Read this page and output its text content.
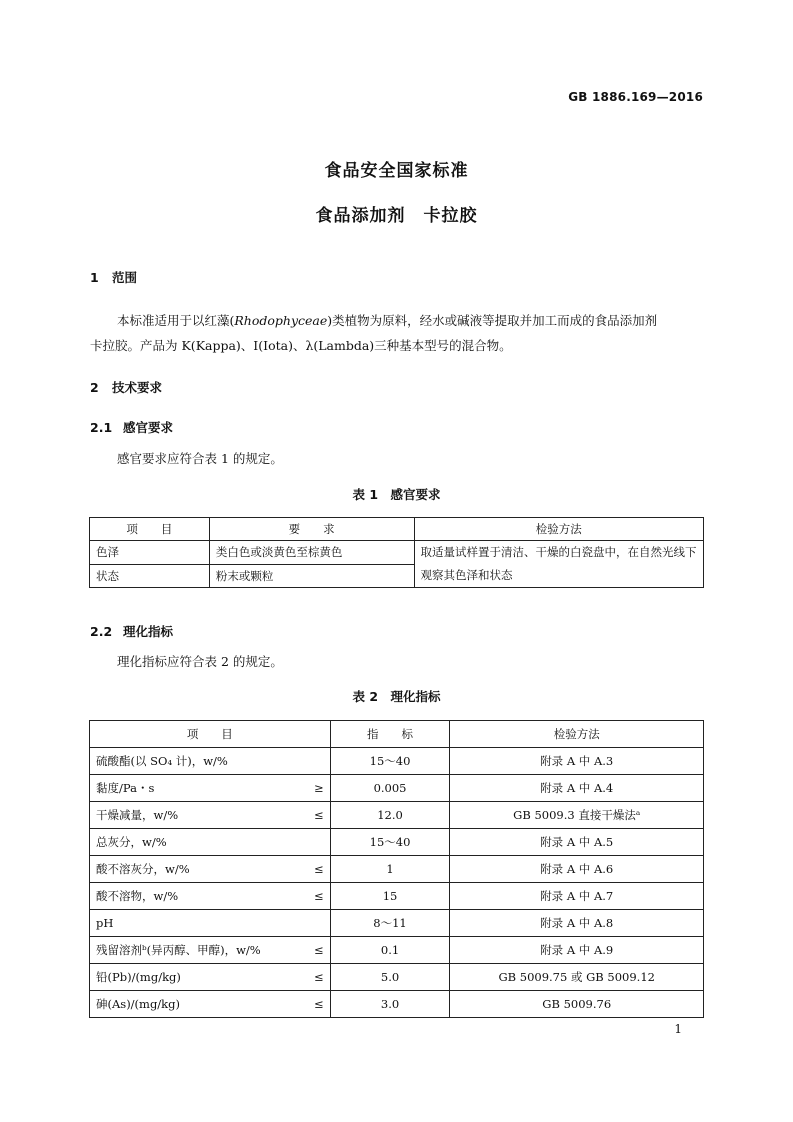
GB 1886.169—2016
食品安全国家标准
食品添加剂　卡拉胶
1 范围
本标准适用于以红藻(Rhodophyceae)类植物为原料，经水或碱液等提取并加工而成的食品添加剂
卡拉胶。产品为 K(Kappa)、I(Iota)、λ(Lambda)三种基本型号的混合物。
2 技术要求
2.1 感官要求
感官要求应符合表 1 的规定。
表 1　感官要求
项　　目	要　　求	检验方法
色泽	类白色或淡黄色至棕黄色	取适量试样置于清洁、干燥的白瓷盘中，在自然光线下观察其色泽和状态
状态	粉末或颗粒	
2.2 理化指标
理化指标应符合表 2 的规定。
表 2　理化指标
项　　目	指　　标	检验方法
硫酸酯(以 SO₄ 计)，w/%	15～40	附录 A 中 A.3
黏度/Pa・s ≥	0.005	附录 A 中 A.4
干燥减量，w/% ≤	12.0	GB 5009.3 直接干燥法ᵃ
总灰分，w/%	15～40	附录 A 中 A.5
酸不溶灰分，w/% ≤	1	附录 A 中 A.6
酸不溶物，w/% ≤	15	附录 A 中 A.7
pH	8～11	附录 A 中 A.8
残留溶剂ᵇ(异丙醇、甲醇)，w/% ≤	0.1	附录 A 中 A.9
铅(Pb)/(mg/kg) ≤	5.0	GB 5009.75 或 GB 5009.12
砷(As)/(mg/kg) ≤	3.0	GB 5009.76
1
